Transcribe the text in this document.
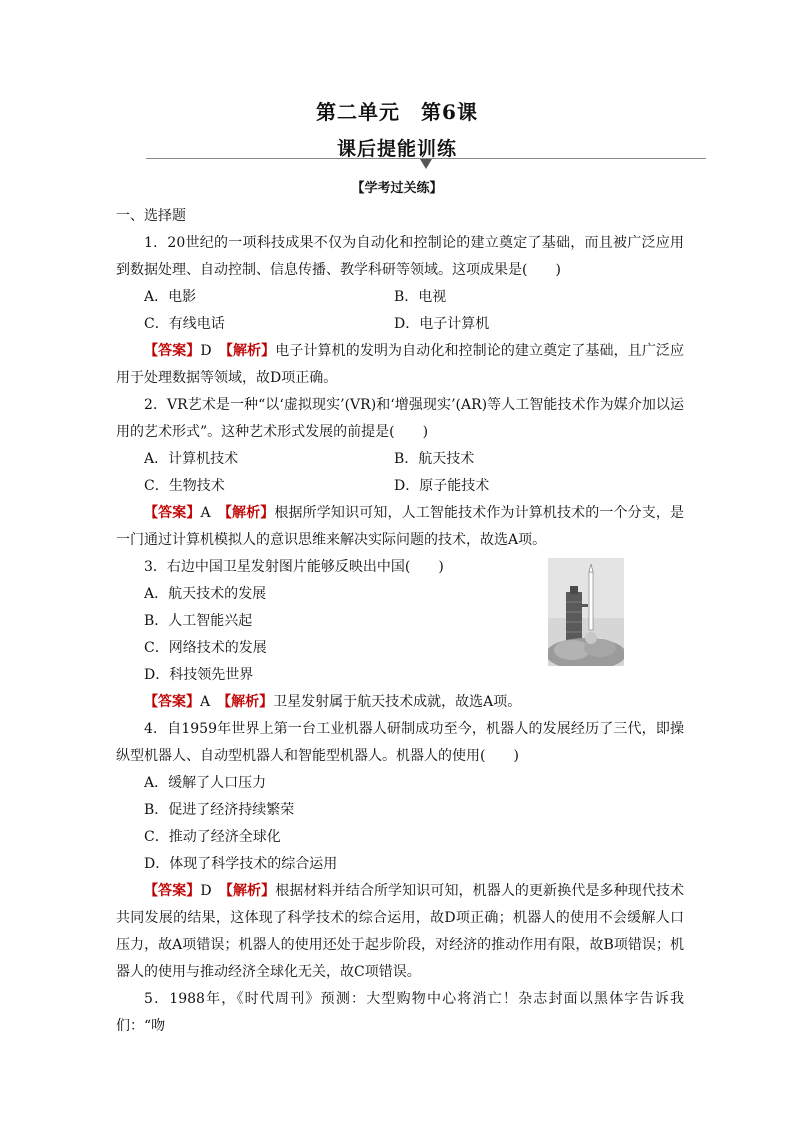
第二单元　第6课
课后提能训练
【学考过关练】

一、选择题

1．20世纪的一项科技成果不仅为自动化和控制论的建立奠定了基础，而且被广泛应用到数据处理、自动控制、信息传播、教学科研等领域。这项成果是(　　)

A．电影	B．电视
C．有线电话	D．电子计算机

【答案】D　 【解析】电子计算机的发明为自动化和控制论的建立奠定了基础，且广泛应用于处理数据等领域，故D项正确。

2．VR艺术是一种“以‘虚拟现实’(VR)和‘增强现实’(AR)等人工智能技术作为媒介加以运用的艺术形式”。这种艺术形式发展的前提是(　　)

A．计算机技术	B．航天技术
C．生物技术	D．原子能技术

【答案】A　 【解析】根据所学知识可知，人工智能技术作为计算机技术的一个分支，是一门通过计算机模拟人的意识思维来解决实际问题的技术，故选A项。

3．右边中国卫星发射图片能够反映出中国(　　)

A．航天技术的发展
B．人工智能兴起
C．网络技术的发展
D．科技领先世界

【答案】A　 【解析】卫星发射属于航天技术成就，故选A项。

4．自1959年世界上第一台工业机器人研制成功至今，机器人的发展经历了三代，即操纵型机器人、自动型机器人和智能型机器人。机器人的使用(　　)

A．缓解了人口压力
B．促进了经济持续繁荣
C．推动了经济全球化
D．体现了科学技术的综合运用

【答案】D　 【解析】根据材料并结合所学知识可知，机器人的更新换代是多种现代技术共同发展的结果，这体现了科学技术的综合运用，故D项正确；机器人的使用不会缓解人口压力，故A项错误；机器人的使用还处于起步阶段，对经济的推动作用有限，故B项错误；机器人的使用与推动经济全球化无关，故C项错误。

5．1988年，《时代周刊》预测：大型购物中心将消亡！杂志封面以黑体字告诉我们：“吻
